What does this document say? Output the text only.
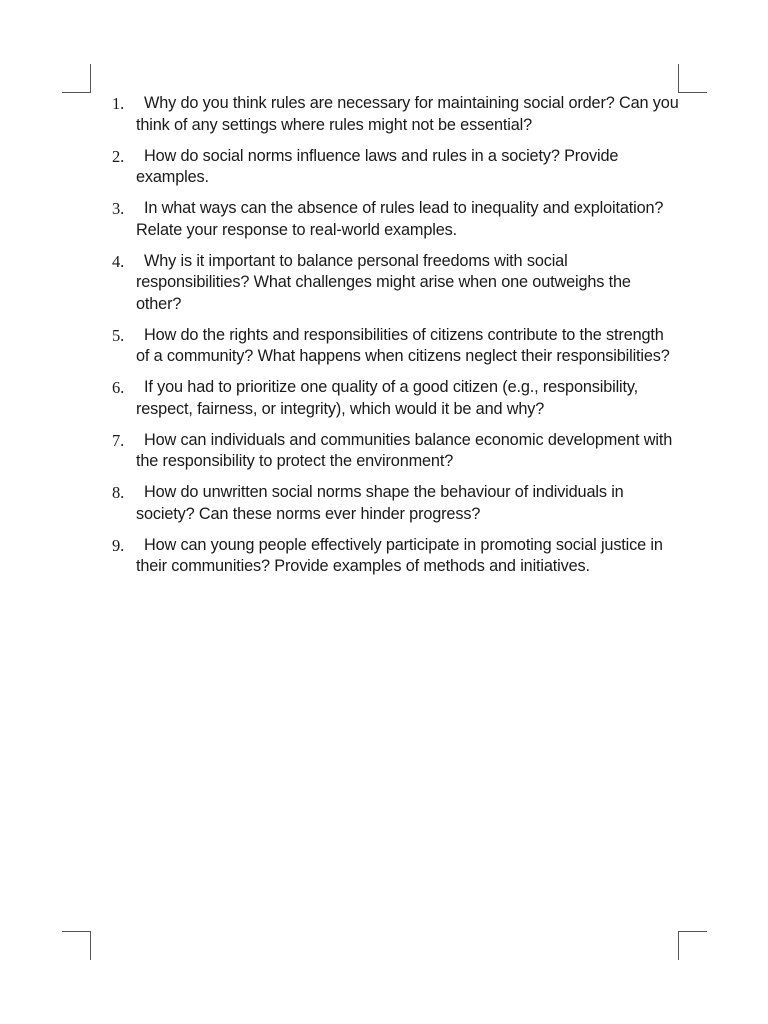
1.	Why do you think rules are necessary for maintaining social order? Can you think of any settings where rules might not be essential?
2.	How do social norms influence laws and rules in a society? Provide examples.
3.	In what ways can the absence of rules lead to inequality and exploitation? Relate your response to real-world examples.
4.	Why is it important to balance personal freedoms with social responsibilities? What challenges might arise when one outweighs the other?
5.	How do the rights and responsibilities of citizens contribute to the strength of a community? What happens when citizens neglect their responsibilities?
6.	If you had to prioritize one quality of a good citizen (e.g., responsibility, respect, fairness, or integrity), which would it be and why?
7.	How can individuals and communities balance economic development with the responsibility to protect the environment?
8.	How do unwritten social norms shape the behaviour of individuals in society? Can these norms ever hinder progress?
9.	How can young people effectively participate in promoting social justice in their communities? Provide examples of methods and initiatives.
